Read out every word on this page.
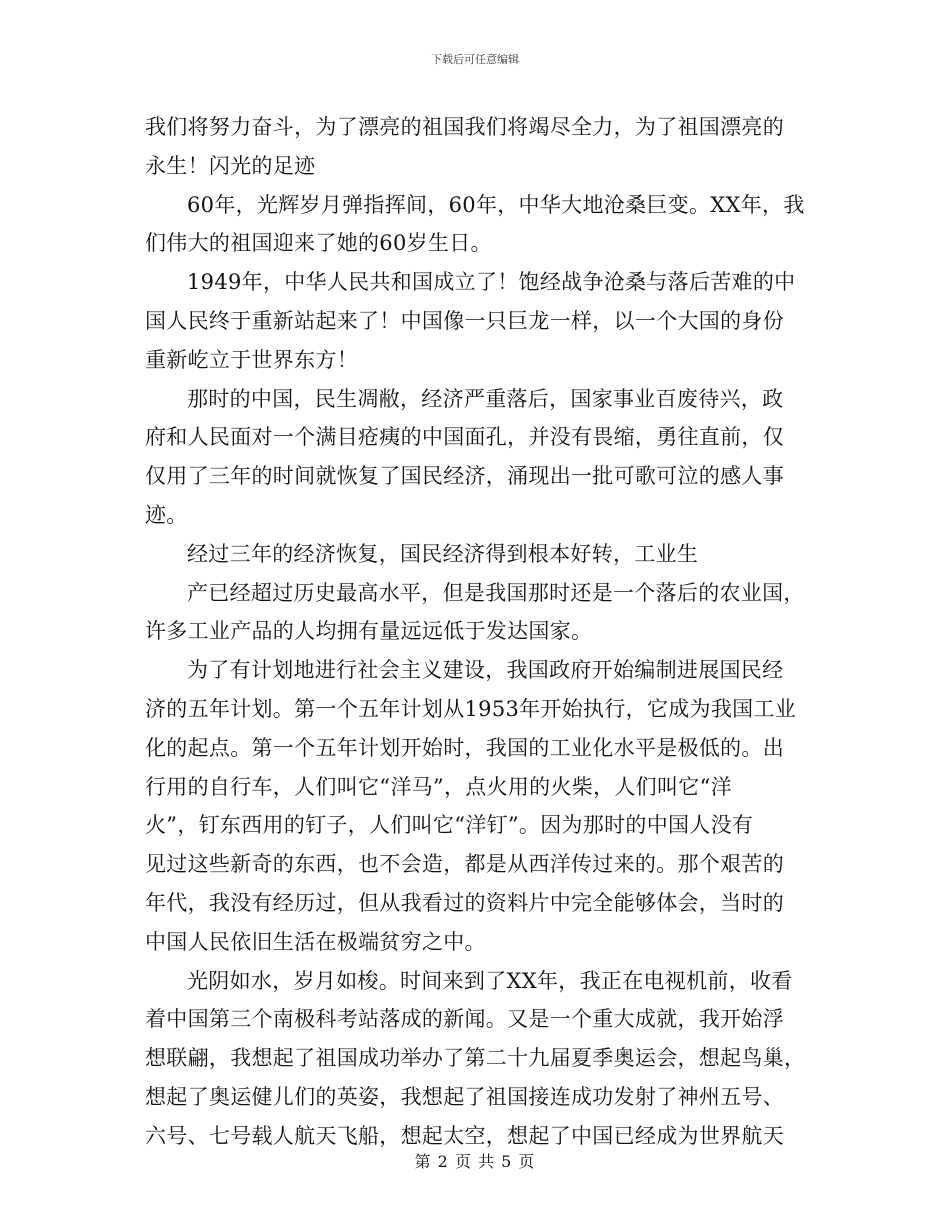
下载后可任意编辑
我们将努力奋斗，为了漂亮的祖国我们将竭尽全力，为了祖国漂亮的
永生！闪光的足迹
60年，光辉岁月弹指挥间，60年，中华大地沧桑巨变。XX年，我
们伟大的祖国迎来了她的60岁生日。
1949年，中华人民共和国成立了！饱经战争沧桑与落后苦难的中
国人民终于重新站起来了！中国像一只巨龙一样，以一个大国的身份
重新屹立于世界东方！
那时的中国，民生凋敝，经济严重落后，国家事业百废待兴，政
府和人民面对一个满目疮痍的中国面孔，并没有畏缩，勇往直前，仅
仅用了三年的时间就恢复了国民经济，涌现出一批可歌可泣的感人事
迹。
经过三年的经济恢复，国民经济得到根本好转，工业生
产已经超过历史最高水平，但是我国那时还是一个落后的农业国，
许多工业产品的人均拥有量远远低于发达国家。
为了有计划地进行社会主义建设，我国政府开始编制进展国民经
济的五年计划。第一个五年计划从1953年开始执行，它成为我国工业
化的起点。第一个五年计划开始时，我国的工业化水平是极低的。出
行用的自行车，人们叫它“洋马”，点火用的火柴，人们叫它“洋
火”，钉东西用的钉子，人们叫它“洋钉”。因为那时的中国人没有
见过这些新奇的东西，也不会造，都是从西洋传过来的。那个艰苦的
年代，我没有经历过，但从我看过的资料片中完全能够体会，当时的
中国人民依旧生活在极端贫穷之中。
光阴如水，岁月如梭。时间来到了XX年，我正在电视机前，收看
着中国第三个南极科考站落成的新闻。又是一个重大成就，我开始浮
想联翩，我想起了祖国成功举办了第二十九届夏季奥运会，想起鸟巢，
想起了奥运健儿们的英姿，我想起了祖国接连成功发射了神州五号、
六号、七号载人航天飞船，想起太空，想起了中国已经成为世界航天
第 2 页 共 5 页
